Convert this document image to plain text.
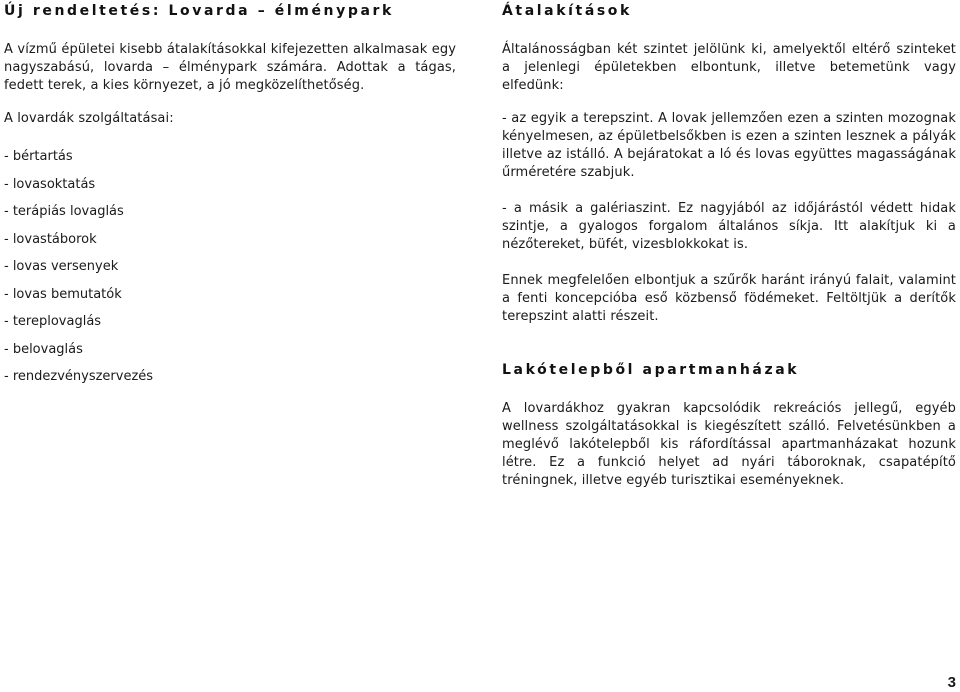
Új rendeltetés: Lovarda – élménypark

A vízmű épületei kisebb átalakításokkal kifejezetten alkalmasak egy nagyszabású, lovarda – élménypark számára. Adottak a tágas, fedett terek, a kies környezet, a jó megközelíthetőség.

A lovardák szolgáltatásai:

- bértartás
- lovasoktatás
- terápiás lovaglás
- lovastáborok
- lovas versenyek
- lovas bemutatók
- tereplovaglás
- belovaglás
- rendezvényszervezés
Átalakítások

Általánosságban két szintet jelölünk ki, amelyektől eltérő szinteket a jelenlegi épületekben elbontunk, illetve betemetünk vagy elfedünk:

- az egyik a terepszint. A lovak jellemzően ezen a szinten mozognak kényelmesen, az épületbelsőkben is ezen a szinten lesznek a pályák illetve az istálló. A bejáratokat a ló és lovas együttes magasságának űrméretére szabjuk.

- a másik a galériaszint. Ez nagyjából az időjárástól védett hidak szintje, a gyalogos forgalom általános síkja. Itt alakítjuk ki a nézőtereket, büfét, vizesblokkokat is.

Ennek megfelelően elbontjuk a szűrők haránt irányú falait, valamint a fenti koncepcióba eső közbenső födémeket. Feltöltjük a derítők terepszint alatti részeit.

Lakótelepből apartmanházak

A lovardákhoz gyakran kapcsolódik rekreációs jellegű, egyéb wellness szolgáltatásokkal is kiegészített szálló. Felvetésünkben a meglévő lakótelepből kis ráfordítással apartmanházakat hozunk létre. Ez a funkció helyet ad nyári táboroknak, csapatépítő tréningnek, illetve egyéb turisztikai eseményeknek.

3
